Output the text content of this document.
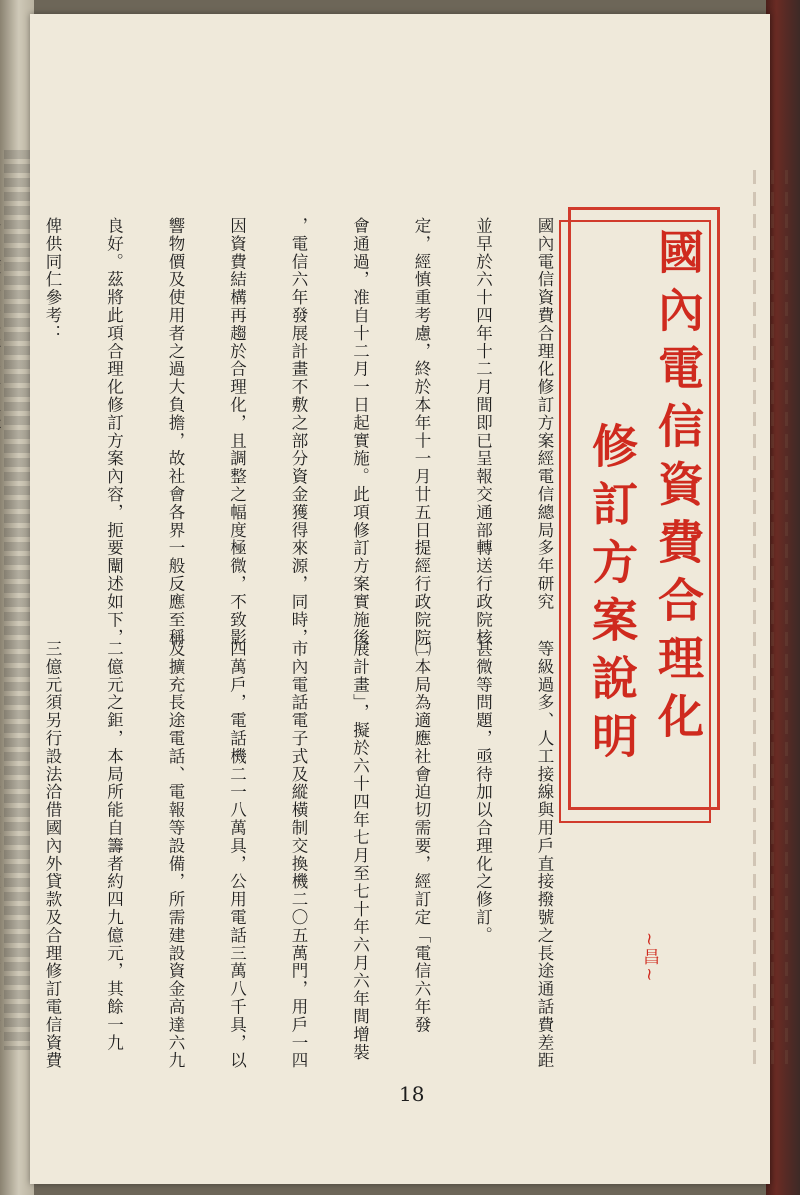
國內電信資費合理化修訂方案經電信總局多年研究

並早於六十四年十二月間即已呈報交通部轉送行政院核

定，經慎重考慮，終於本年十一月廿五日提經行政院院

會通過，准自十二月一日起實施。此項修訂方案實施後

，電信六年發展計畫不敷之部分資金獲得來源，同時，

因資費結構再趨於合理化，且調整之幅度極微，不致影

響物價及使用者之過大負擔，故社會各界一般反應至稱

良好。茲將此項合理化修訂方案內容，扼要闡述如下，

俾供同仁參考：

等級過多、人工接線與用戶直接撥號之長途通話費差距

甚微等問題，亟待加以合理化之修訂。

㈡本局為適應社會迫切需要，經訂定「電信六年發

展計畫」，擬於六十四年七月至七十年六月六年間增裝

市內電話電子式及縱橫制交換機二〇五萬門，用戶一四

四萬戶，電話機二一八萬具，公用電話三萬八千具，以

及擴充長途電話、電報等設備，所需建設資金高達六九

二億元之鉅，本局所能自籌者約四九億元，其餘一九

三億元須另行設法洽借國內外貸款及合理修訂電信資費

國內電信資費合理化
修訂方案說明
~昌~
18
